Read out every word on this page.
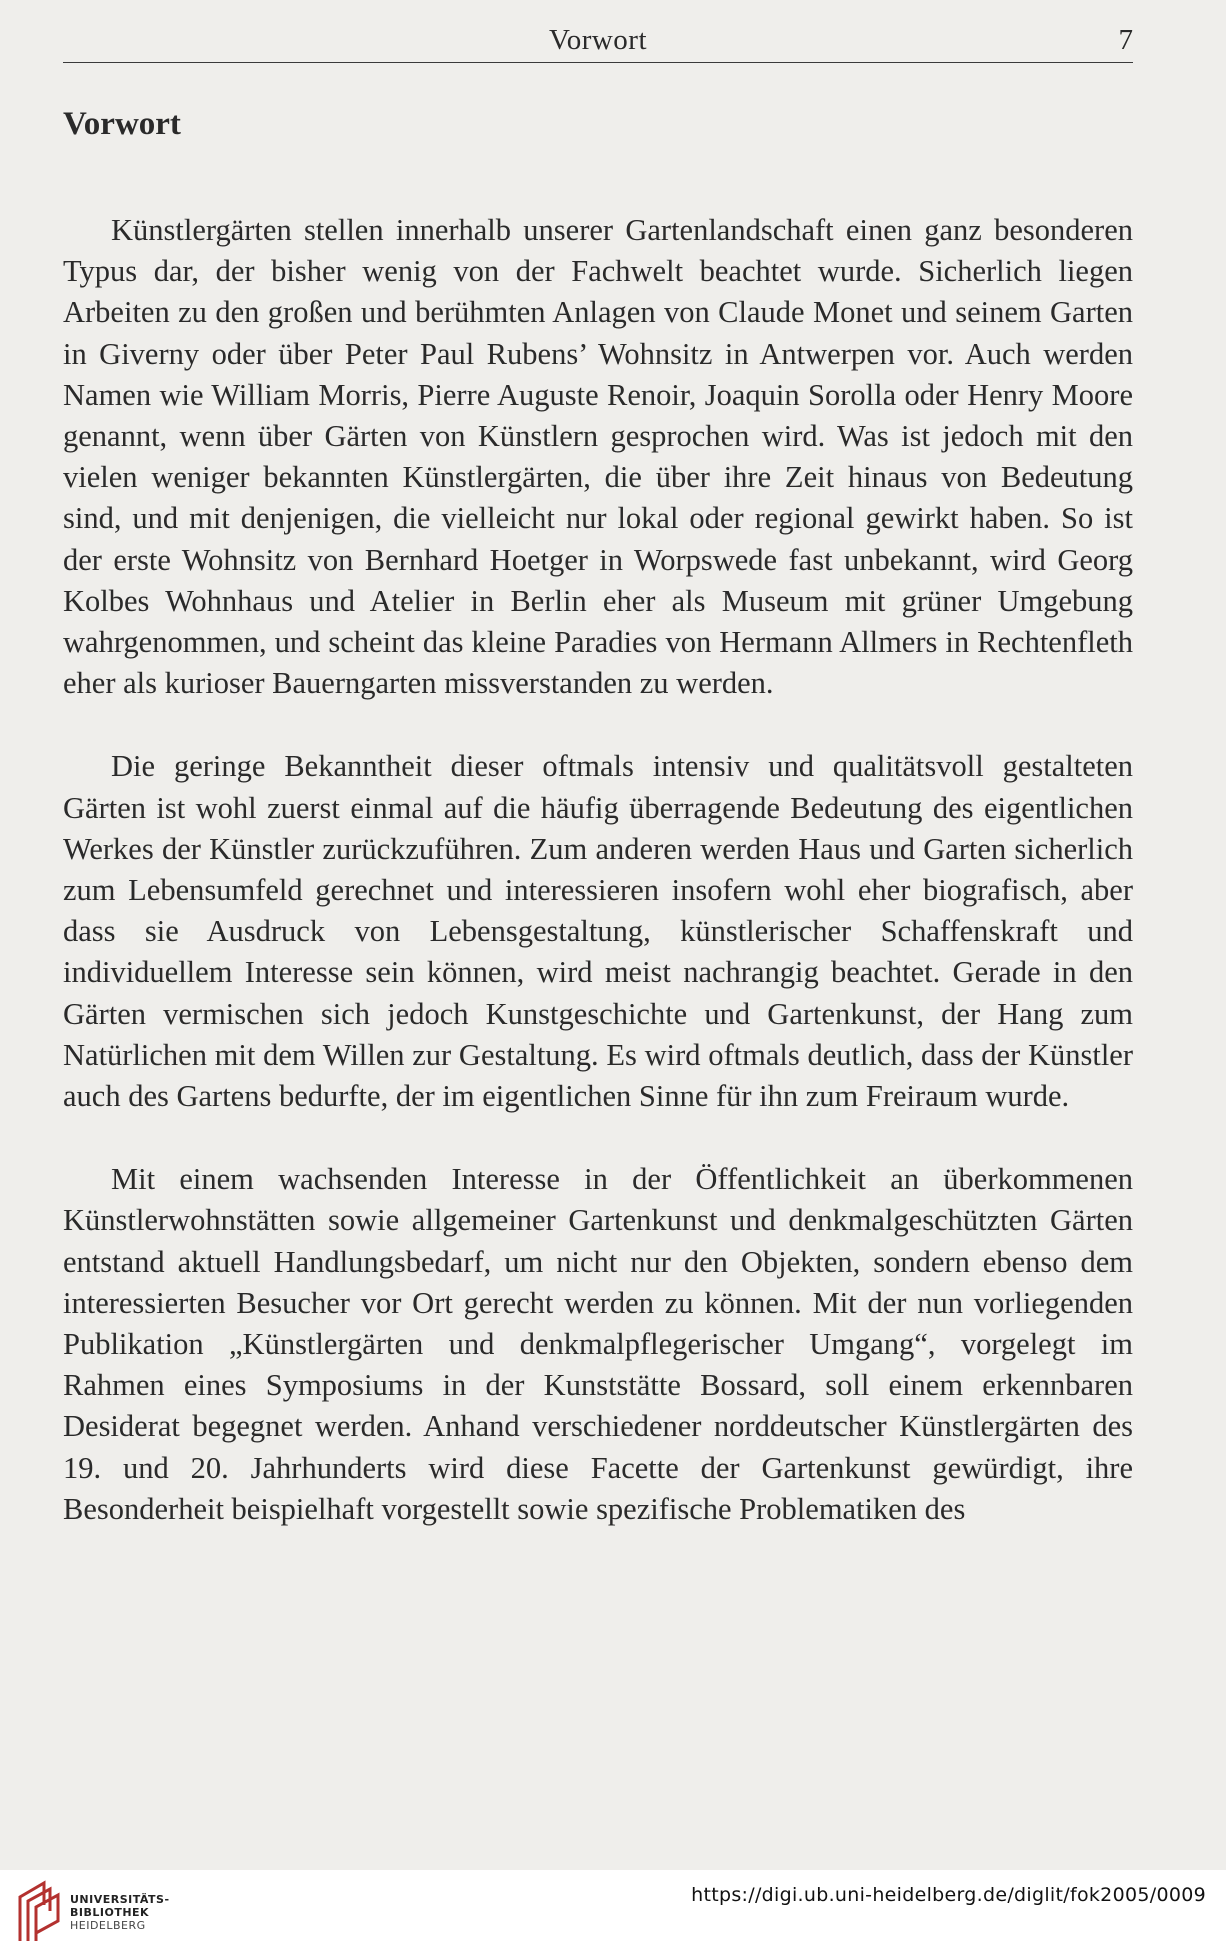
Vorwort	7
Vorwort

Künstlergärten stellen innerhalb unserer Gartenlandschaft einen ganz besonderen Typus dar, der bisher wenig von der Fachwelt beachtet wurde. Sicherlich liegen Arbeiten zu den großen und berühmten Anlagen von Claude Monet und seinem Garten in Giverny oder über Peter Paul Rubens’ Wohnsitz in Antwerpen vor. Auch werden Namen wie William Morris, Pierre Auguste Renoir, Joaquin Sorolla oder Henry Moore genannt, wenn über Gärten von Künstlern gesprochen wird. Was ist jedoch mit den vielen weniger bekannten Künstlergärten, die über ihre Zeit hinaus von Bedeutung sind, und mit denjenigen, die vielleicht nur lokal oder regional gewirkt haben. So ist der erste Wohnsitz von Bernhard Hoetger in Worpswede fast unbekannt, wird Georg Kolbes Wohnhaus und Atelier in Berlin eher als Museum mit grüner Umgebung wahrgenommen, und scheint das kleine Paradies von Hermann Allmers in Rechtenfleth eher als kurioser Bauerngarten missverstanden zu werden.

Die geringe Bekanntheit dieser oftmals intensiv und qualitätsvoll gestalteten Gärten ist wohl zuerst einmal auf die häufig überragende Bedeutung des eigentlichen Werkes der Künstler zurückzuführen. Zum anderen werden Haus und Garten sicherlich zum Lebensumfeld gerechnet und interessieren insofern wohl eher biografisch, aber dass sie Ausdruck von Lebensgestaltung, künstlerischer Schaffenskraft und individuellem Interesse sein können, wird meist nachrangig beachtet. Gerade in den Gärten vermischen sich jedoch Kunstgeschichte und Gartenkunst, der Hang zum Natürlichen mit dem Willen zur Gestaltung. Es wird oftmals deutlich, dass der Künstler auch des Gartens bedurfte, der im eigentlichen Sinne für ihn zum Freiraum wurde.

Mit einem wachsenden Interesse in der Öffentlichkeit an überkommenen Künstlerwohnstätten sowie allgemeiner Gartenkunst und denkmalgeschützten Gärten entstand aktuell Handlungsbedarf, um nicht nur den Objekten, sondern ebenso dem interessierten Besucher vor Ort gerecht werden zu können. Mit der nun vorliegenden Publikation „Künstlergärten und denkmalpflegerischer Umgang“, vorgelegt im Rahmen eines Symposiums in der Kunststätte Bossard, soll einem erkennbaren Desiderat begegnet werden. Anhand verschiedener norddeutscher Künstlergärten des 19. und 20. Jahrhunderts wird diese Facette der Gartenkunst gewürdigt, ihre Besonderheit beispielhaft vorgestellt sowie spezifische Problematiken des

UNIVERSITÄTS-
BIBLIOTHEK
HEIDELBERG
https://digi.ub.uni-heidelberg.de/diglit/fok2005/0009
